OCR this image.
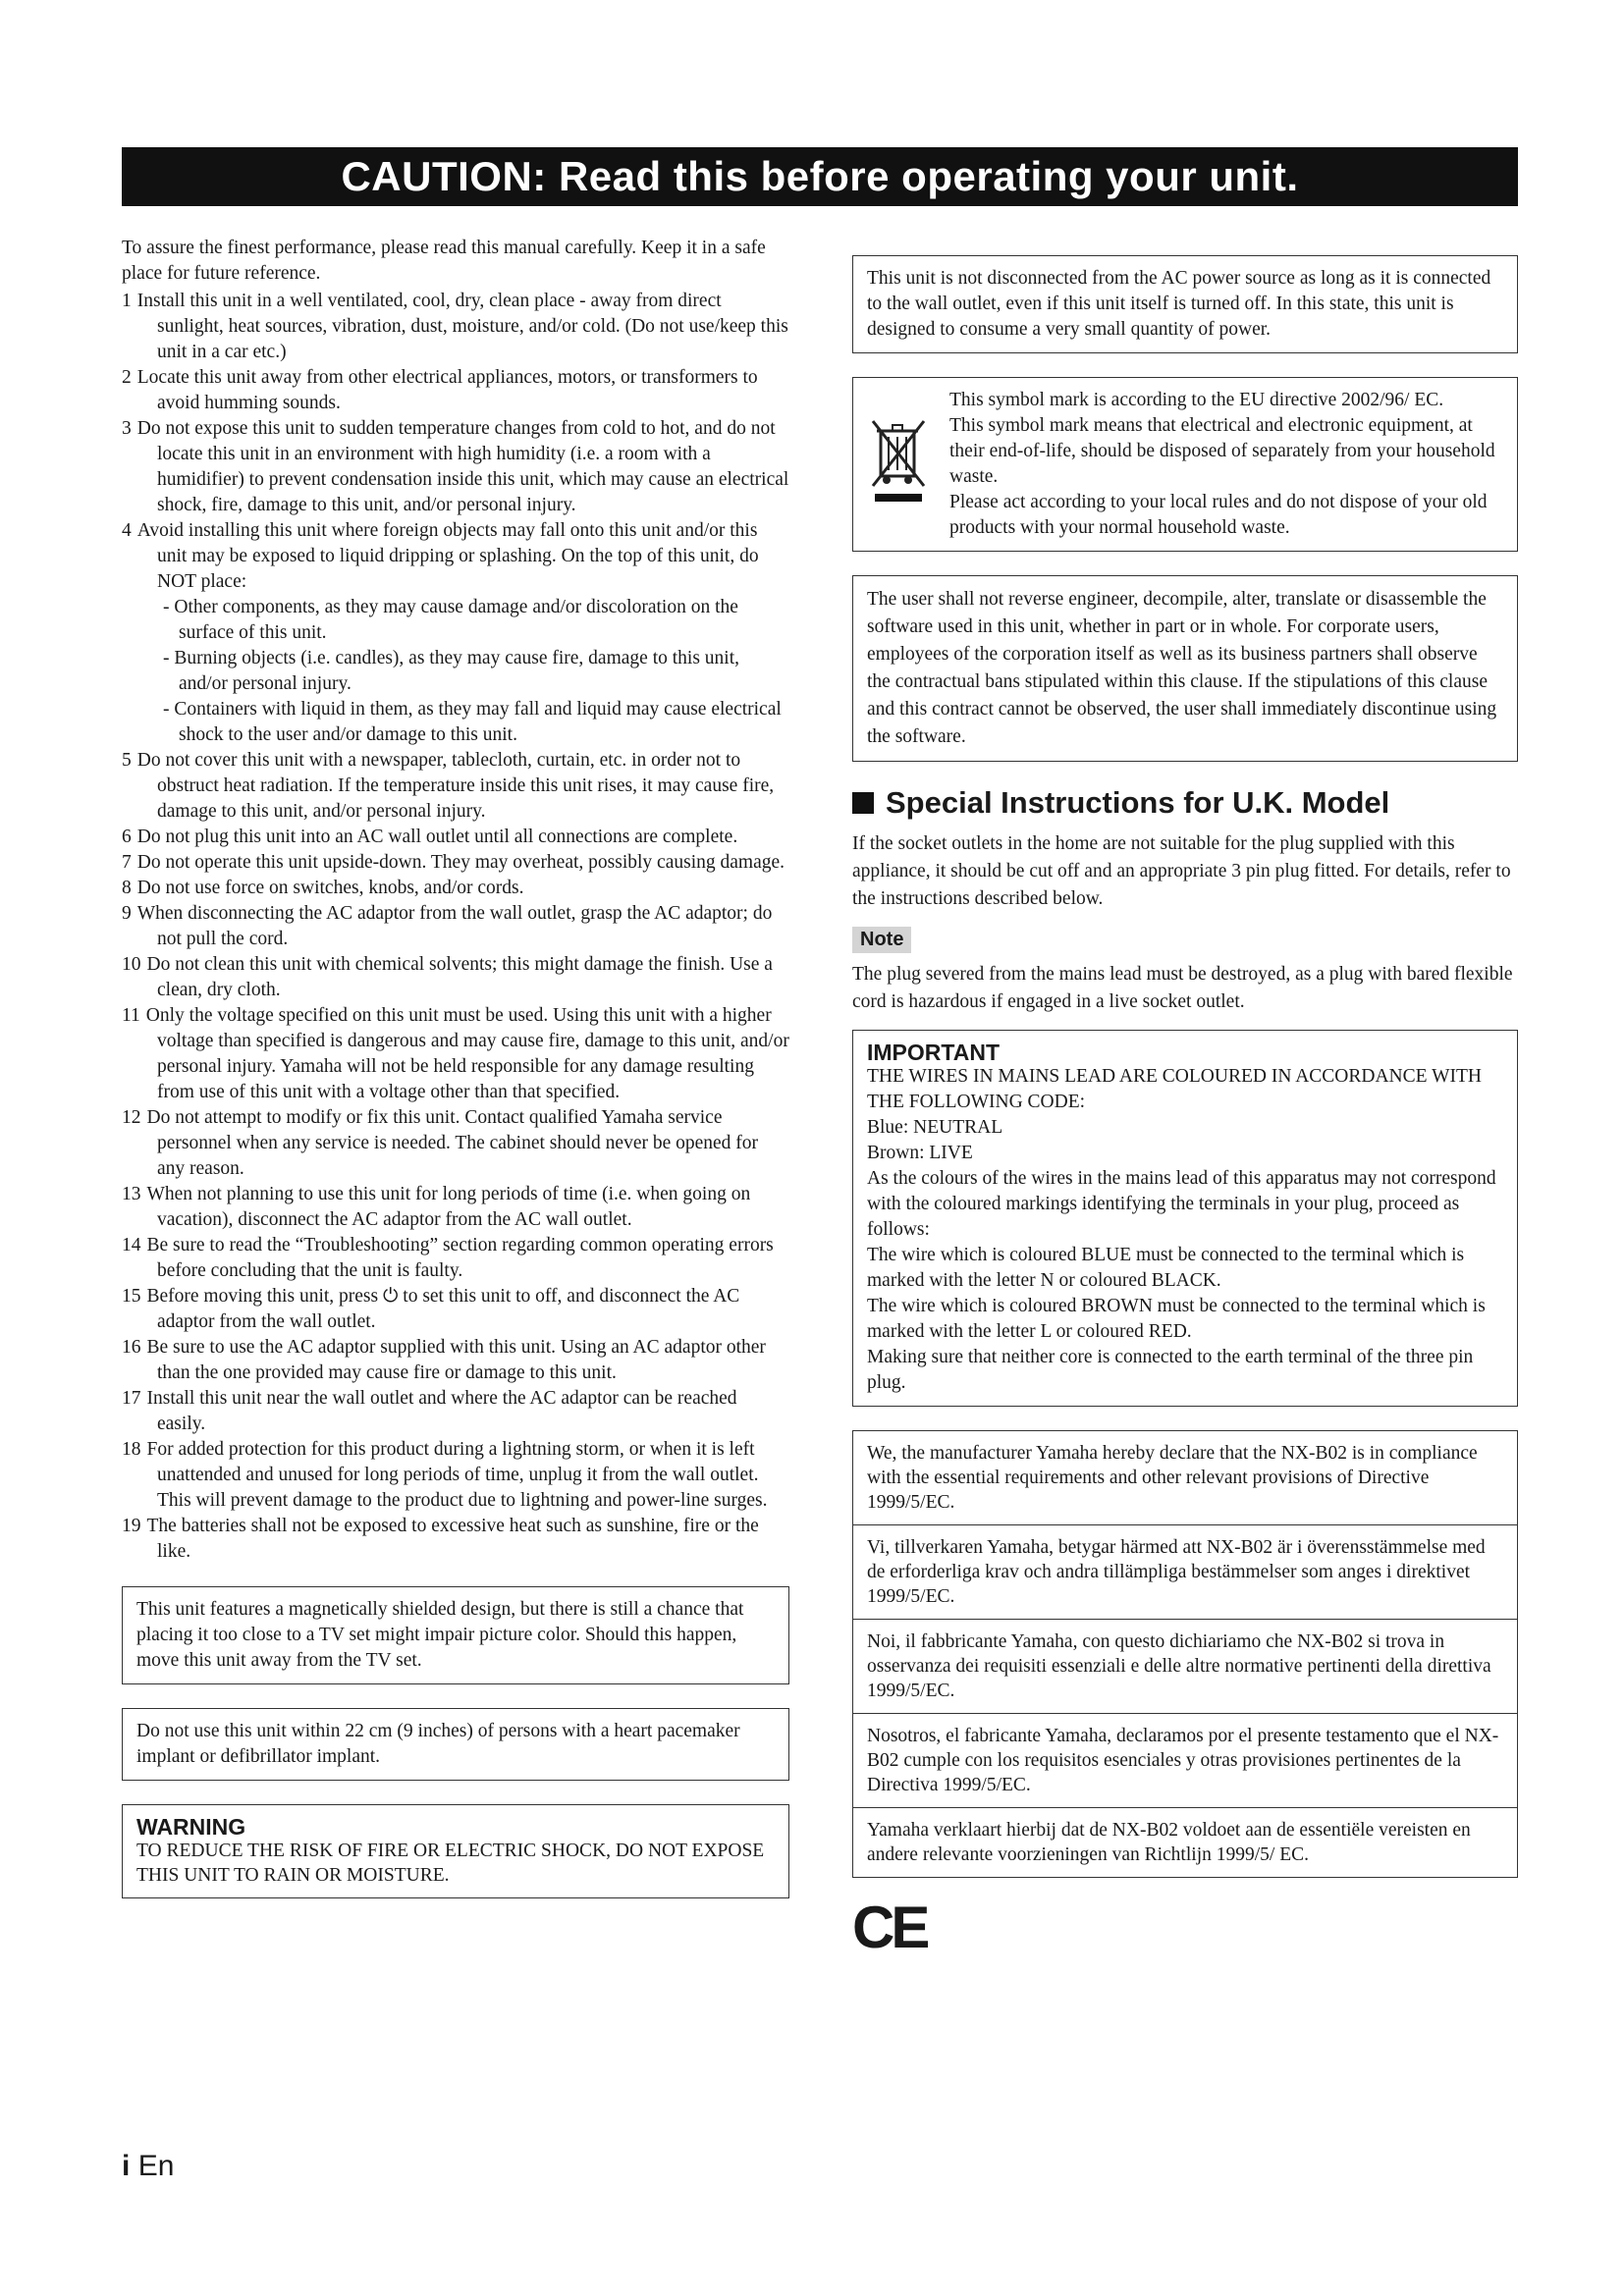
CAUTION: Read this before operating your unit.

To assure the finest performance, please read this manual carefully. Keep it in a safe place for future reference.

1 Install this unit in a well ventilated, cool, dry, clean place - away from direct sunlight, heat sources, vibration, dust, moisture, and/or cold. (Do not use/keep this unit in a car etc.)
2 Locate this unit away from other electrical appliances, motors, or transformers to avoid humming sounds.
3 Do not expose this unit to sudden temperature changes from cold to hot, and do not locate this unit in an environment with high humidity (i.e. a room with a humidifier) to prevent condensation inside this unit, which may cause an electrical shock, fire, damage to this unit, and/or personal injury.
4 Avoid installing this unit where foreign objects may fall onto this unit and/or this unit may be exposed to liquid dripping or splashing. On the top of this unit, do NOT place:
- Other components, as they may cause damage and/or discoloration on the surface of this unit.
- Burning objects (i.e. candles), as they may cause fire, damage to this unit, and/or personal injury.
- Containers with liquid in them, as they may fall and liquid may cause electrical shock to the user and/or damage to this unit.
5 Do not cover this unit with a newspaper, tablecloth, curtain, etc. in order not to obstruct heat radiation. If the temperature inside this unit rises, it may cause fire, damage to this unit, and/or personal injury.
6 Do not plug this unit into an AC wall outlet until all connections are complete.
7 Do not operate this unit upside-down. They may overheat, possibly causing damage.
8 Do not use force on switches, knobs, and/or cords.
9 When disconnecting the AC adaptor from the wall outlet, grasp the AC adaptor; do not pull the cord.
10 Do not clean this unit with chemical solvents; this might damage the finish. Use a clean, dry cloth.
11 Only the voltage specified on this unit must be used. Using this unit with a higher voltage than specified is dangerous and may cause fire, damage to this unit, and/or personal injury. Yamaha will not be held responsible for any damage resulting from use of this unit with a voltage other than that specified.
12 Do not attempt to modify or fix this unit. Contact qualified Yamaha service personnel when any service is needed. The cabinet should never be opened for any reason.
13 When not planning to use this unit for long periods of time (i.e. when going on vacation), disconnect the AC adaptor from the AC wall outlet.
14 Be sure to read the “Troubleshooting” section regarding common operating errors before concluding that the unit is faulty.
15 Before moving this unit, press ⏻ to set this unit to off, and disconnect the AC adaptor from the wall outlet.
16 Be sure to use the AC adaptor supplied with this unit. Using an AC adaptor other than the one provided may cause fire or damage to this unit.
17 Install this unit near the wall outlet and where the AC adaptor can be reached easily.
18 For added protection for this product during a lightning storm, or when it is left unattended and unused for long periods of time, unplug it from the wall outlet. This will prevent damage to the product due to lightning and power-line surges.
19 The batteries shall not be exposed to excessive heat such as sunshine, fire or the like.

This unit features a magnetically shielded design, but there is still a chance that placing it too close to a TV set might impair picture color. Should this happen, move this unit away from the TV set.

Do not use this unit within 22 cm (9 inches) of persons with a heart pacemaker implant or defibrillator implant.

WARNING

TO REDUCE THE RISK OF FIRE OR ELECTRIC SHOCK, DO NOT EXPOSE THIS UNIT TO RAIN OR MOISTURE.

This unit is not disconnected from the AC power source as long as it is connected to the wall outlet, even if this unit itself is turned off. In this state, this unit is designed to consume a very small quantity of power.

This symbol mark is according to the EU directive 2002/96/ EC.

This symbol mark means that electrical and electronic equipment, at their end-of-life, should be disposed of separately from your household waste.

Please act according to your local rules and do not dispose of your old products with your normal household waste.

The user shall not reverse engineer, decompile, alter, translate or disassemble the software used in this unit, whether in part or in whole. For corporate users, employees of the corporation itself as well as its business partners shall observe the contractual bans stipulated within this clause. If the stipulations of this clause and this contract cannot be observed, the user shall immediately discontinue using the software.

Special Instructions for U.K. Model

If the socket outlets in the home are not suitable for the plug supplied with this appliance, it should be cut off and an appropriate 3 pin plug fitted. For details, refer to the instructions described below.

Note

The plug severed from the mains lead must be destroyed, as a plug with bared flexible cord is hazardous if engaged in a live socket outlet.

IMPORTANT

THE WIRES IN MAINS LEAD ARE COLOURED IN ACCORDANCE WITH THE FOLLOWING CODE:

Blue: NEUTRAL

Brown: LIVE

As the colours of the wires in the mains lead of this apparatus may not correspond with the coloured markings identifying the terminals in your plug, proceed as follows:

The wire which is coloured BLUE must be connected to the terminal which is marked with the letter N or coloured BLACK.

The wire which is coloured BROWN must be connected to the terminal which is marked with the letter L or coloured RED.

Making sure that neither core is connected to the earth terminal of the three pin plug.

We, the manufacturer Yamaha hereby declare that the NX-B02 is in compliance with the essential requirements and other relevant provisions of Directive 1999/5/EC.
Vi, tillverkaren Yamaha, betygar härmed att NX-B02 är i överensstämmelse med de erforderliga krav och andra tillämpliga bestämmelser som anges i direktivet 1999/5/EC.
Noi, il fabbricante Yamaha, con questo dichiariamo che NX-B02 si trova in osservanza dei requisiti essenziali e delle altre normative pertinenti della direttiva 1999/5/EC.
Nosotros, el fabricante Yamaha, declaramos por el presente testamento que el NX-B02 cumple con los requisitos esenciales y otras provisiones pertinentes de la Directiva 1999/5/EC.
Yamaha verklaart hierbij dat de NX-B02 voldoet aan de essentiële vereisten en andere relevante voorzieningen van Richtlijn 1999/5/ EC.
CE
i En
